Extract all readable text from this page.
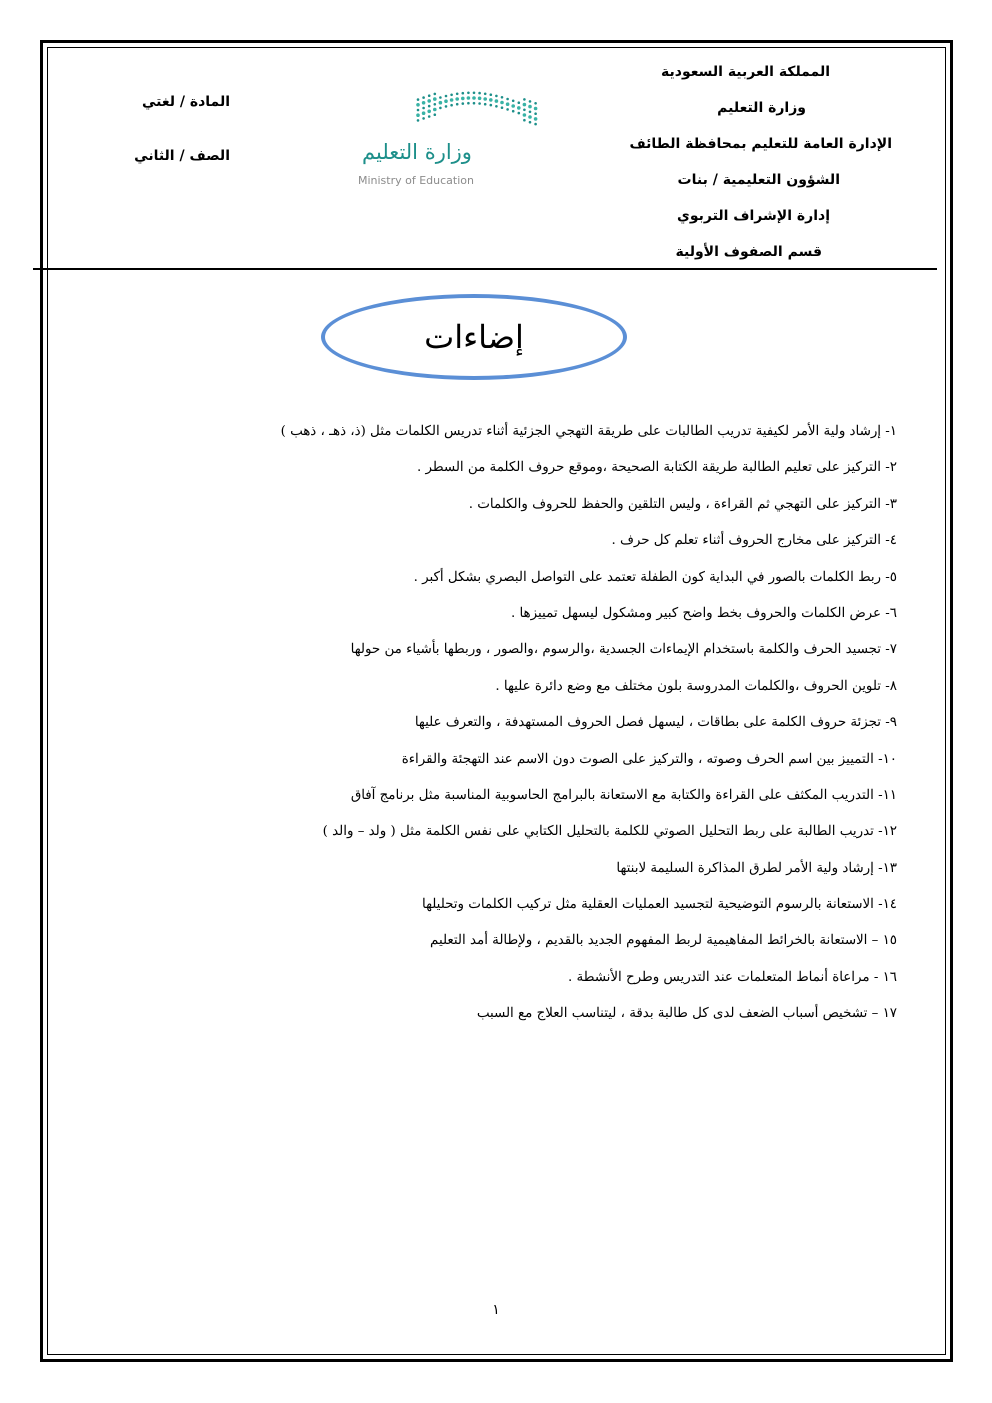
المملكة العربية السعودية
وزارة التعليم
الإدارة العامة للتعليم بمحافظة الطائف
الشؤون التعليمية / بنات
إدارة الإشراف التربوي
قسم الصفوف الأولية
المادة / لغتي
الصف / الثاني	وزارة التعليم
Ministry of Education
إضاءات
١- إرشاد ولية الأمر لكيفية تدريب الطالبات على طريقة التهجي الجزئية أثناء تدريس الكلمات مثل (ذ، ذهـ ، ذهب )
٢- التركيز على تعليم الطالبة طريقة الكتابة الصحيحة ،وموقع حروف الكلمة من السطر .
٣- التركيز على التهجي ثم القراءة ، وليس التلقين والحفظ للحروف والكلمات .
٤- التركيز على مخارج الحروف أثناء تعلم كل حرف .
٥- ربط الكلمات بالصور في البداية كون الطفلة تعتمد على التواصل البصري بشكل أكبر .
٦- عرض الكلمات والحروف بخط واضح كبير ومشكول ليسهل تمييزها .
٧- تجسيد الحرف والكلمة باستخدام الإيماءات الجسدية ،والرسوم ،والصور ، وربطها بأشياء من حولها
٨- تلوين الحروف ،والكلمات المدروسة بلون مختلف مع وضع دائرة عليها .
٩- تجزئة حروف الكلمة على بطاقات ، ليسهل فصل الحروف المستهدفة ، والتعرف عليها
١٠- التمييز بين اسم الحرف وصوته ، والتركيز على الصوت دون الاسم عند التهجئة والقراءة
١١- التدريب المكثف على القراءة والكتابة مع الاستعانة بالبرامج الحاسوبية المناسبة مثل برنامج آفاق
١٢- تدريب الطالبة على ربط التحليل الصوتي للكلمة بالتحليل الكتابي على نفس الكلمة مثل ( ولد – والد )
١٣- إرشاد ولية الأمر لطرق المذاكرة السليمة لابنتها
١٤- الاستعانة بالرسوم التوضيحية لتجسيد العمليات العقلية مثل تركيب الكلمات وتحليلها
١٥ – الاستعانة بالخرائط المفاهيمية لربط المفهوم الجديد بالقديم ، ولإطالة أمد التعليم
١٦ - مراعاة أنماط المتعلمات عند التدريس وطرح الأنشطة .
١٧ – تشخيص أسباب الضعف لدى كل طالبة بدقة ، ليتناسب العلاج مع السبب
١
